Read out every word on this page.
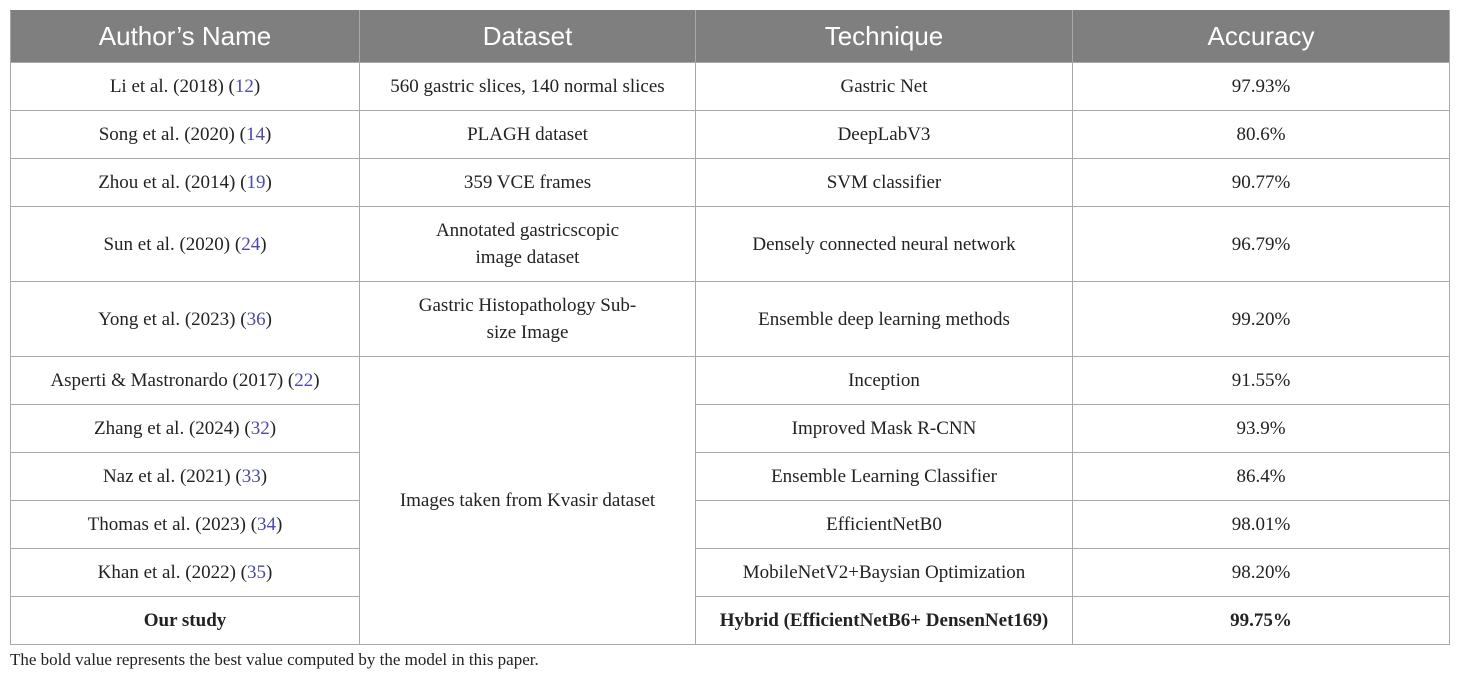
Author’s Name	Dataset	Technique	Accuracy
Li et al. (2018) (12)	560 gastric slices, 140 normal slices	Gastric Net	97.93%
Song et al. (2020) (14)	PLAGH dataset	DeepLabV3	80.6%
Zhou et al. (2014) (19)	359 VCE frames	SVM classifier	90.77%
Sun et al. (2020) (24)	Annotated gastricscopic
image dataset	Densely connected neural network	96.79%
Yong et al. (2023) (36)	Gastric Histopathology Sub-
size Image	Ensemble deep learning methods	99.20%
Asperti & Mastronardo (2017) (22)	Images taken from Kvasir dataset	Inception	91.55%
Zhang et al. (2024) (32)		Improved Mask R-CNN	93.9%
Naz et al. (2021) (33)		Ensemble Learning Classifier	86.4%
Thomas et al. (2023) (34)		EfficientNetB0	98.01%
Khan et al. (2022) (35)		MobileNetV2+Baysian Optimization	98.20%
Our study		Hybrid (EfficientNetB6+ DensenNet169)	99.75%
The bold value represents the best value computed by the model in this paper.
